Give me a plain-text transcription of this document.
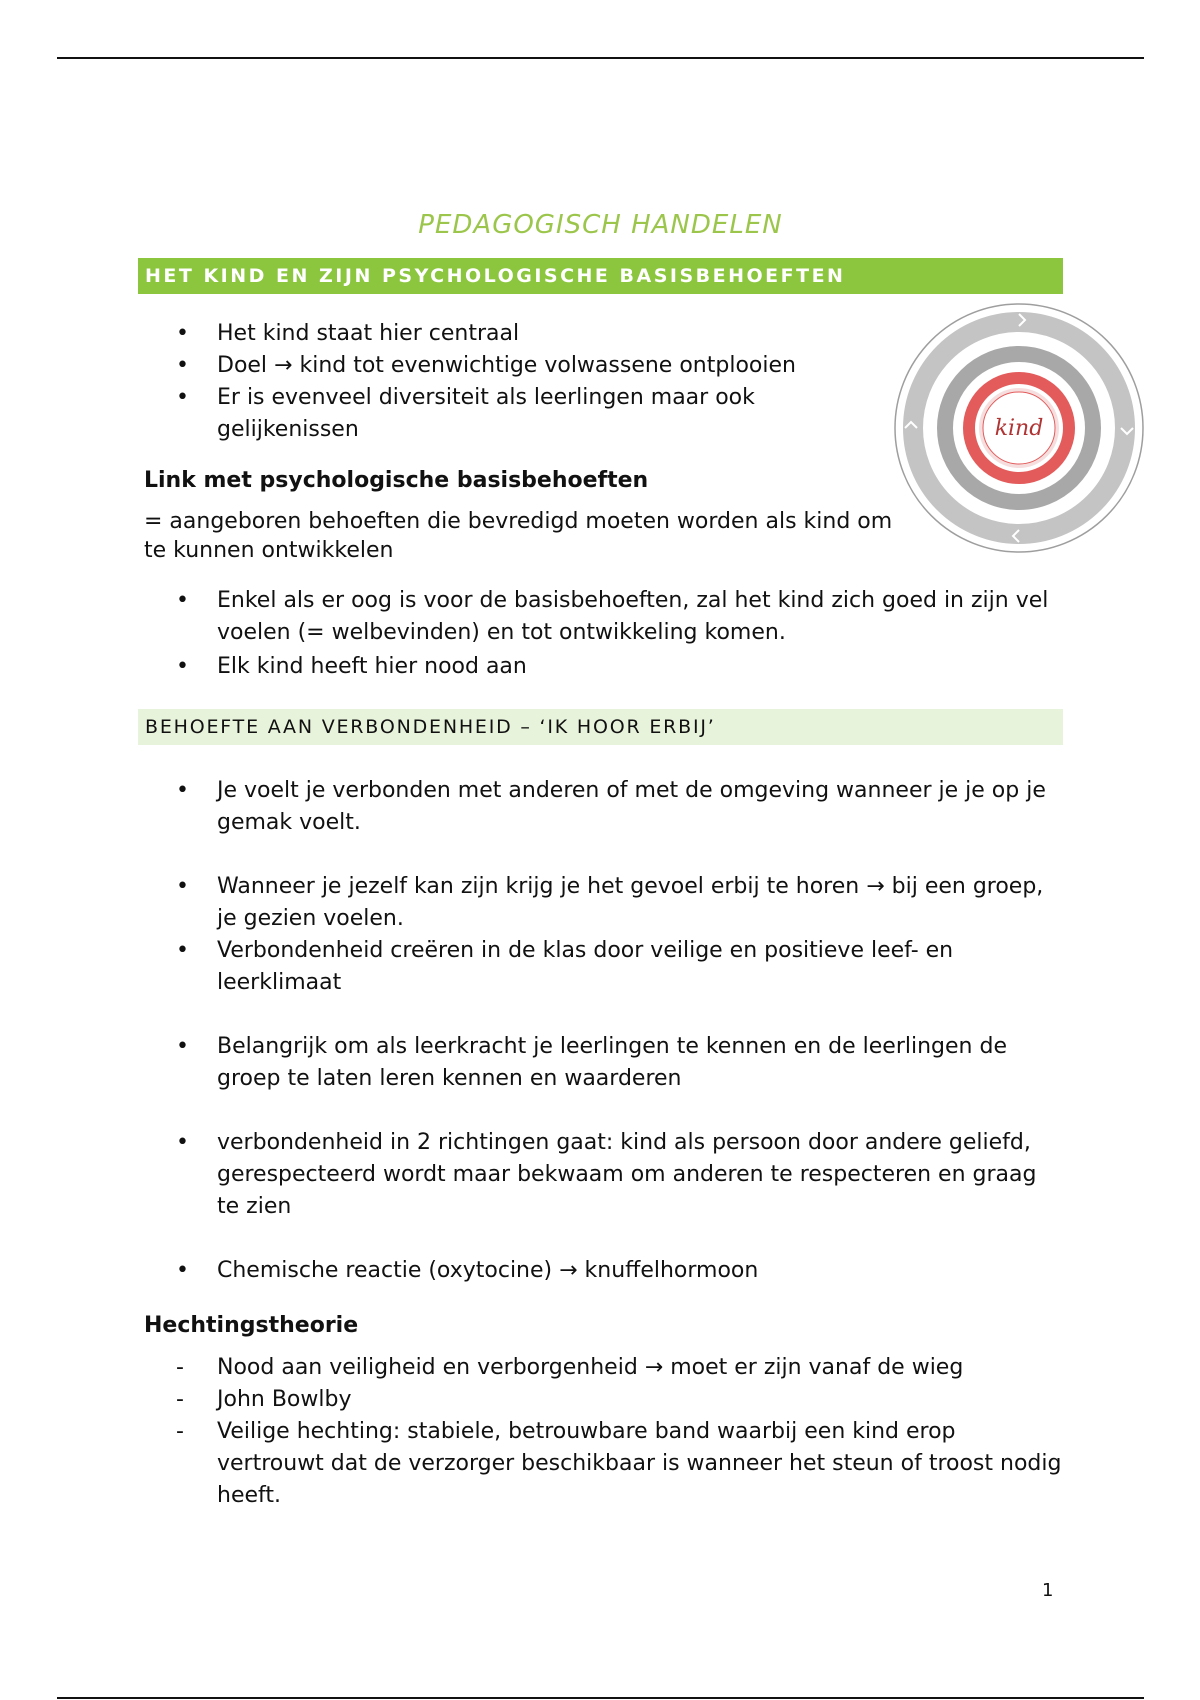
PEDAGOGISCH HANDELEN
HET KIND EN ZIJN PSYCHOLOGISCHE BASISBEHOEFTEN
• Het kind staat hier centraal
• Doel → kind tot evenwichtige volwassene ontplooien
• Er is evenveel diversiteit als leerlingen maar ook gelijkenissen
Link met psychologische basisbehoeften
= aangeboren behoeften die bevredigd moeten worden als kind om te kunnen ontwikkelen
kind
• Enkel als er oog is voor de basisbehoeften, zal het kind zich goed in zijn vel voelen (= welbevinden) en tot ontwikkeling komen.
• Elk kind heeft hier nood aan
BEHOEFTE AAN VERBONDENHEID – ‘IK HOOR ERBIJ’
• Je voelt je verbonden met anderen of met de omgeving wanneer je je op je gemak voelt.
• Wanneer je jezelf kan zijn krijg je het gevoel erbij te horen → bij een groep, je gezien voelen.
• Verbondenheid creëren in de klas door veilige en positieve leef- en leerklimaat
• Belangrijk om als leerkracht je leerlingen te kennen en de leerlingen de groep te laten leren kennen en waarderen
• verbondenheid in 2 richtingen gaat: kind als persoon door andere geliefd, gerespecteerd wordt maar bekwaam om anderen te respecteren en graag te zien
• Chemische reactie (oxytocine) → knuffelhormoon
Hechtingstheorie
- Nood aan veiligheid en verborgenheid → moet er zijn vanaf de wieg
- John Bowlby
- Veilige hechting: stabiele, betrouwbare band waarbij een kind erop vertrouwt dat de verzorger beschikbaar is wanneer het steun of troost nodig heeft.
1
